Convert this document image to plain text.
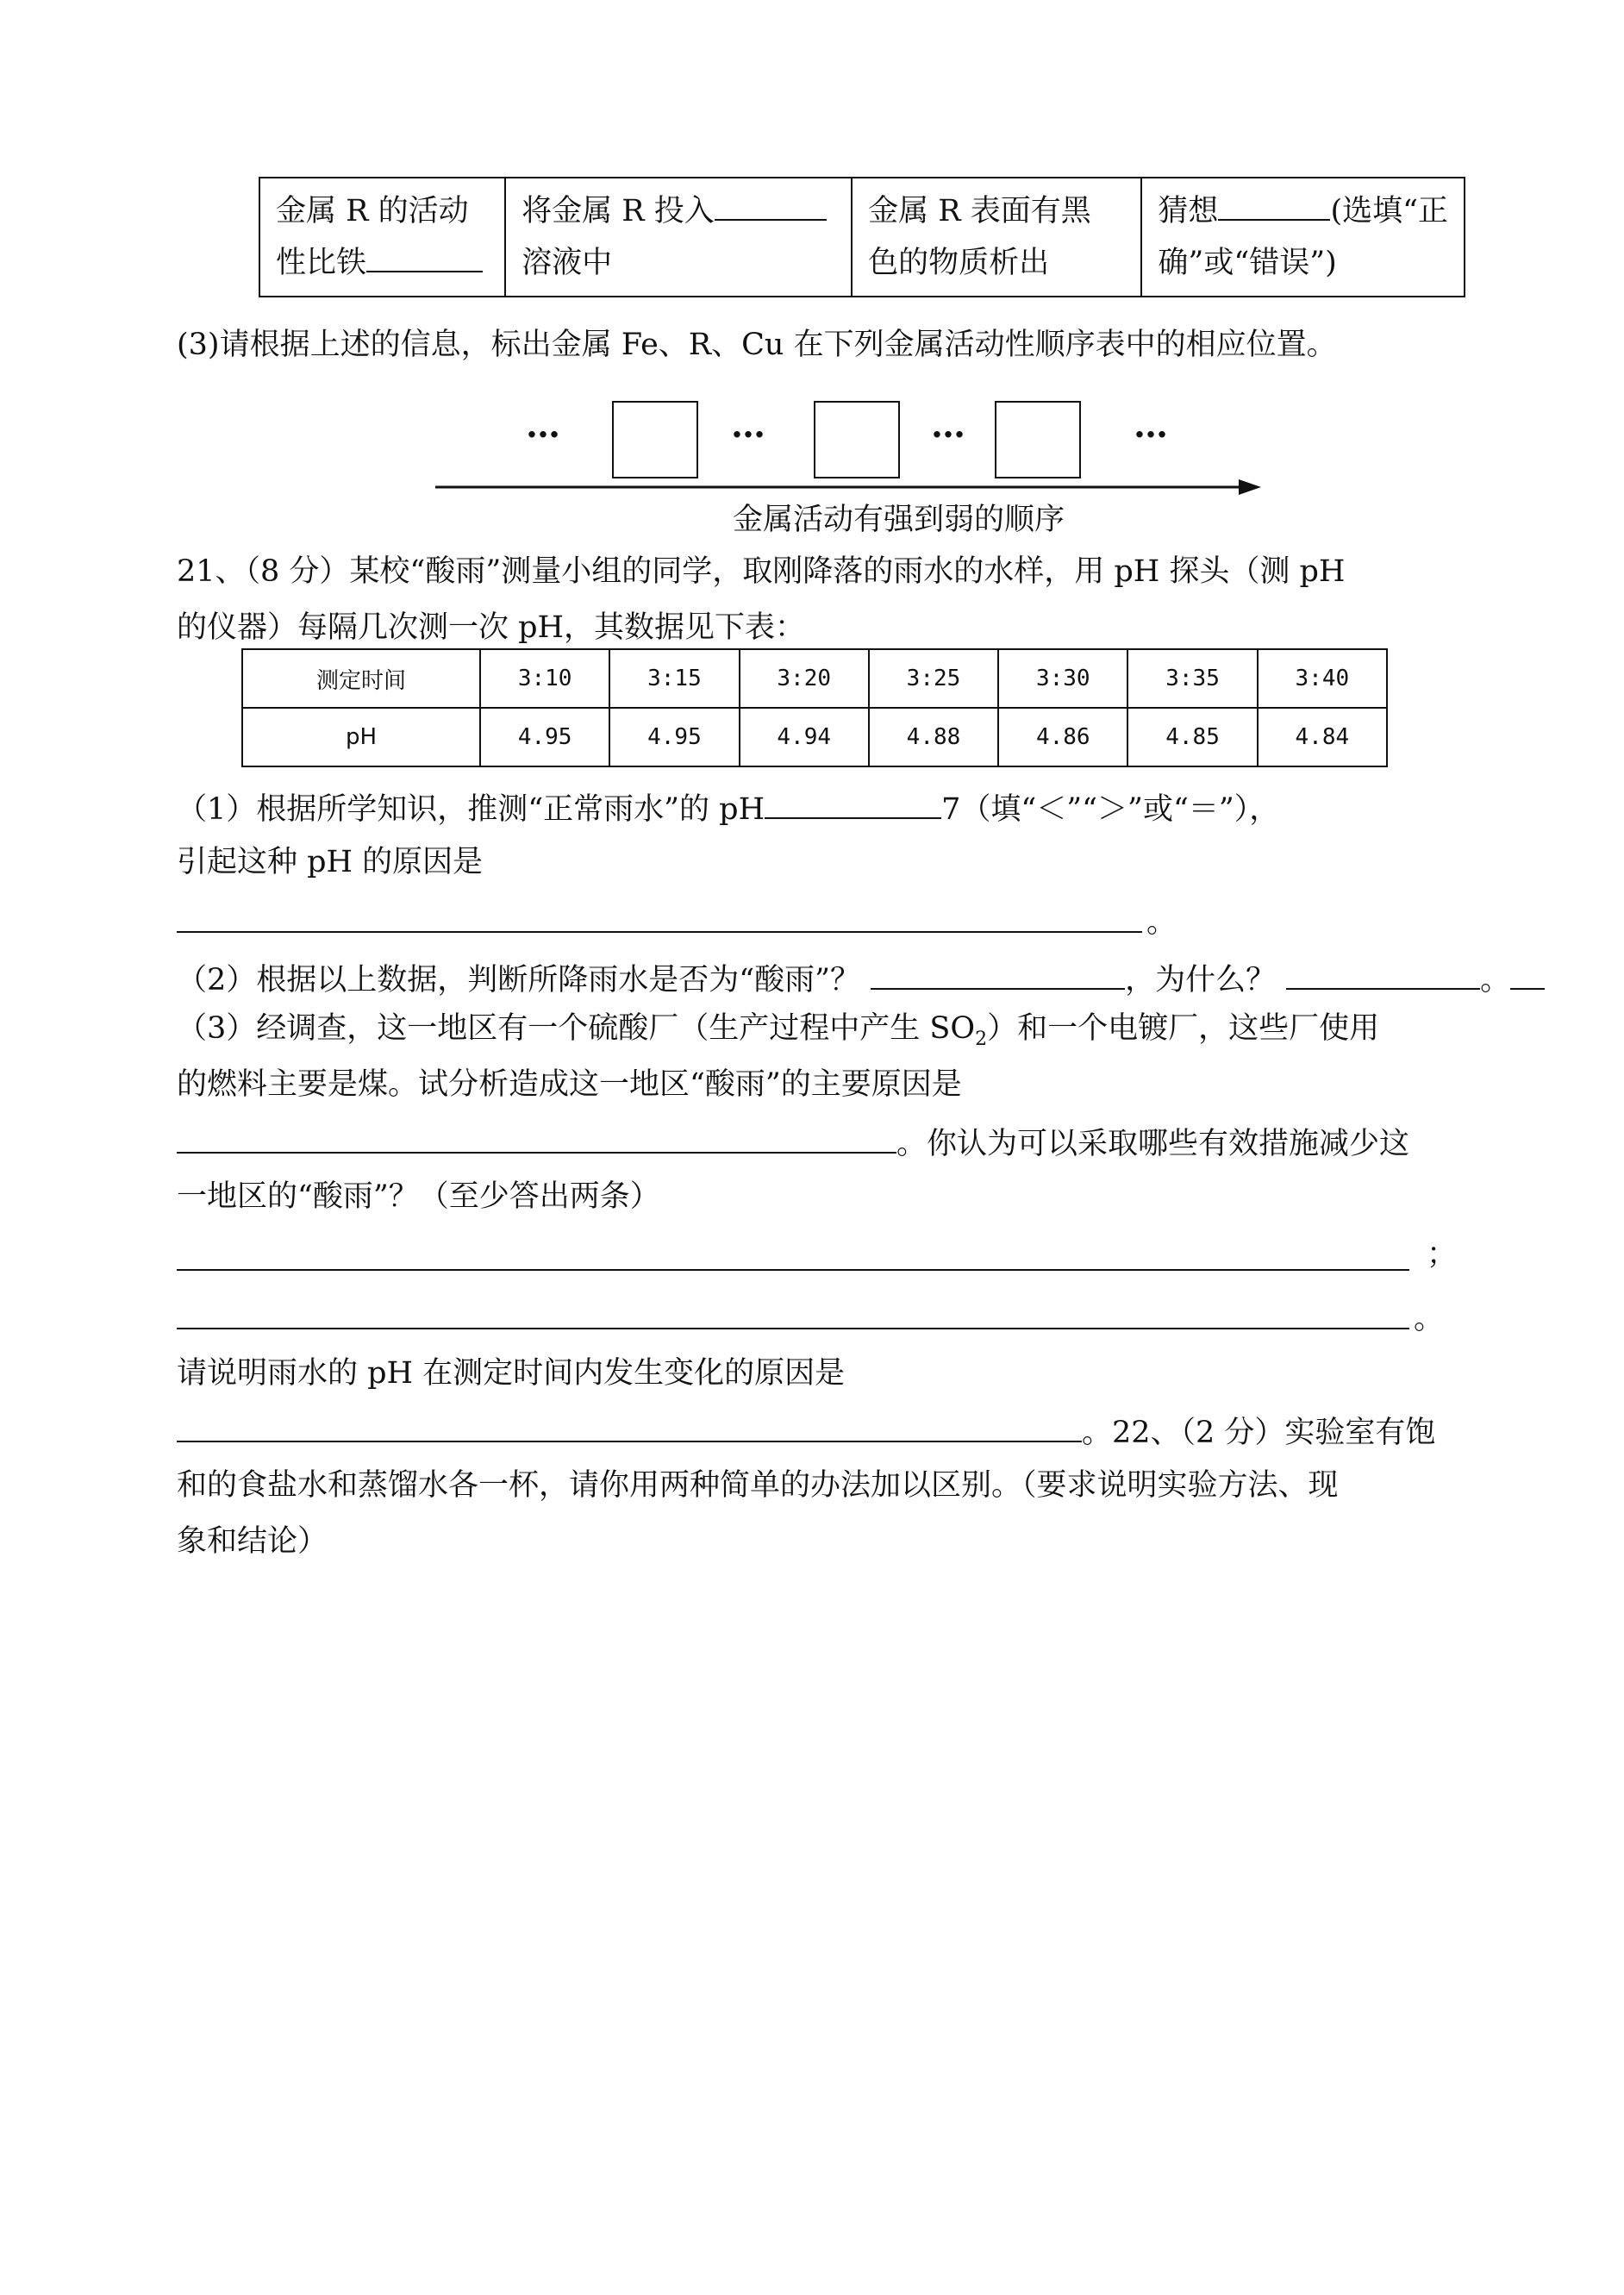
金属 R 的活动
性比铁

将金属 R 投入
溶液中

金属 R 表面有黑
色的物质析出

猜想	(选填“正
确”或“错误”)
(3)请根据上述的信息，标出金属 Fe、R、Cu 在下列金属活动性顺序表中的相应位置。
…	…	…	…
金属活动有强到弱的顺序
21、（8 分）某校“酸雨”测量小组的同学，取刚降落的雨水的水样，用 pH 探头（测 pH
的仪器）每隔几次测一次 pH，其数据见下表：
测定时间	3:10	3:15	3:20	3:25	3:30	3:35	3:40
pH	4.95	4.95	4.94	4.88	4.86	4.85	4.84
（1）根据所学知识，推测“正常雨水”的 pH	7（填“＜”“＞”或“＝”），
引起这种 pH 的原因是
。
（2）根据以上数据，判断所降雨水是否为“酸雨”？	，为什么？	。
（3）经调查，这一地区有一个硫酸厂（生产过程中产生 $SO_2$）和一个电镀厂，这些厂使用
的燃料主要是煤。试分析造成这一地区“酸雨”的主要原因是
。你认为可以采取哪些有效措施减少这
一地区的“酸雨”？（至少答出两条）
；
。
请说明雨水的 pH 在测定时间内发生变化的原因是
。22、（2 分）实验室有饱
和的食盐水和蒸馏水各一杯，请你用两种简单的办法加以区别。（要求说明实验方法、现
象和结论）
